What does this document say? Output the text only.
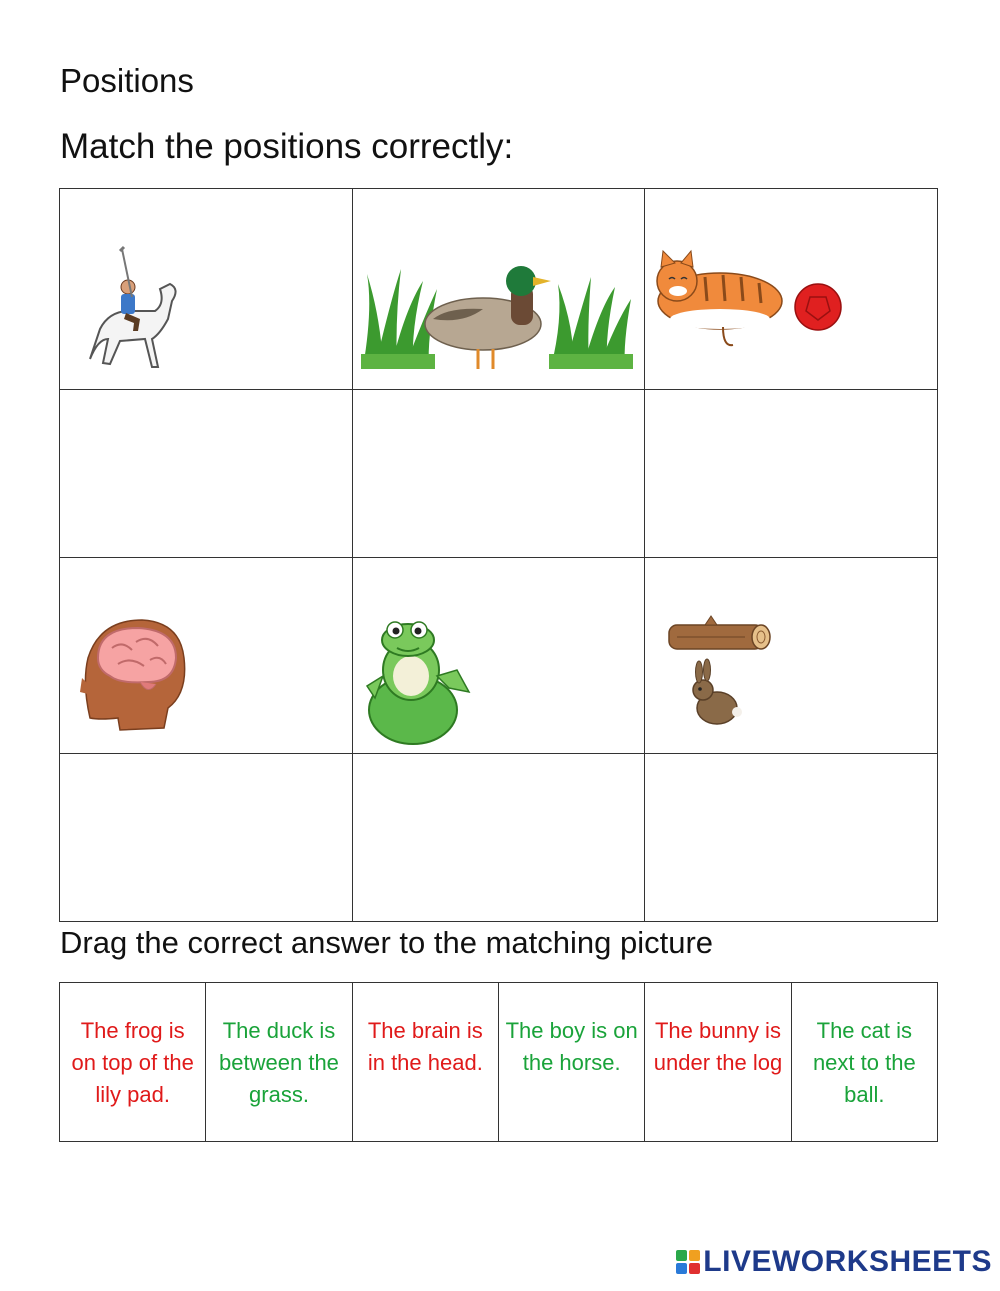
Positions
Match the positions correctly:

Drag the correct answer to the matching picture
The frog is on top of the lily pad.	The duck is between the grass.	The brain is in the head.	The boy is on the horse.	The bunny is under the log	The cat is next to the ball.
LIVEWORKSHEETS
